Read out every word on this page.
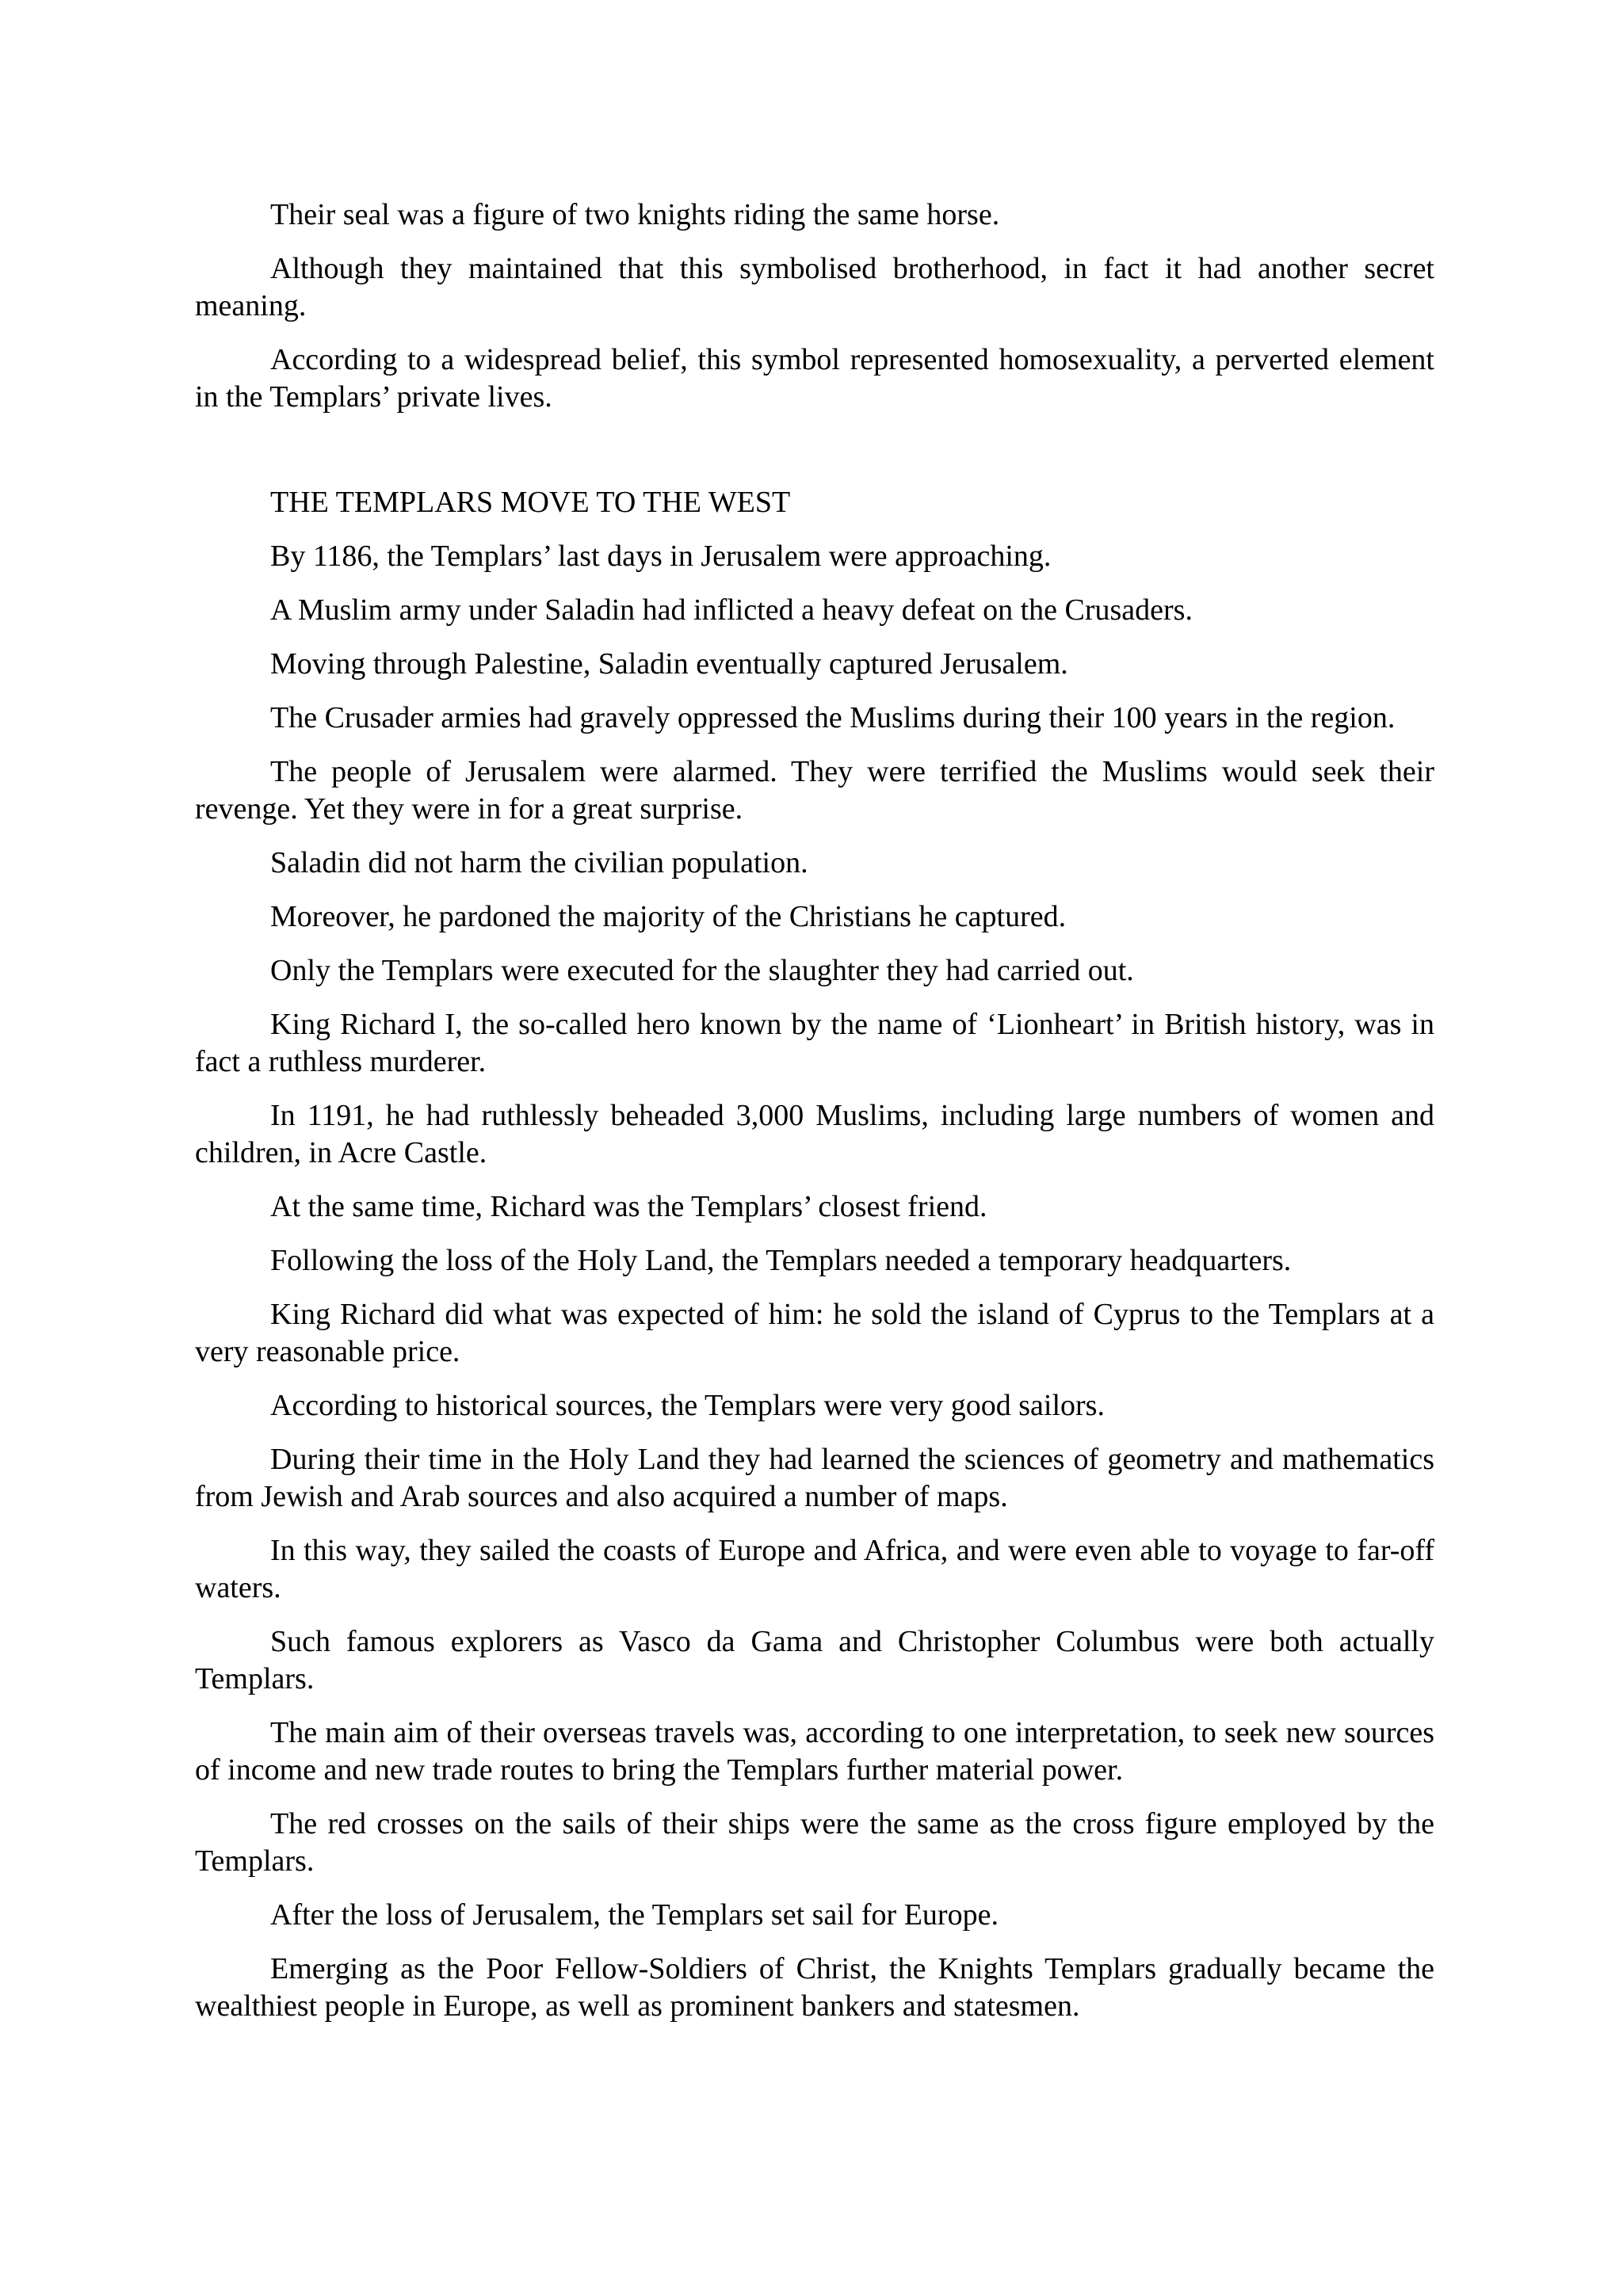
Their seal was a figure of two knights riding the same horse.

Although they maintained that this symbolised brotherhood, in fact it had another secret meaning.

According to a widespread belief, this symbol represented homosexuality, a perverted element in the Templars’ private lives.

THE TEMPLARS MOVE TO THE WEST

By 1186, the Templars’ last days in Jerusalem were approaching.

A Muslim army under Saladin had inflicted a heavy defeat on the Crusaders.

Moving through Palestine, Saladin eventually captured Jerusalem.

The Crusader armies had gravely oppressed the Muslims during their 100 years in the region.

The people of Jerusalem were alarmed. They were terrified the Muslims would seek their revenge. Yet they were in for a great surprise.

Saladin did not harm the civilian population.

Moreover, he pardoned the majority of the Christians he captured.

Only the Templars were executed for the slaughter they had carried out.

King Richard I, the so-called hero known by the name of ‘Lionheart’ in British history, was in fact a ruthless murderer.

In 1191, he had ruthlessly beheaded 3,000 Muslims, including large numbers of women and children, in Acre Castle.

At the same time, Richard was the Templars’ closest friend.

Following the loss of the Holy Land, the Templars needed a temporary headquarters.

King Richard did what was expected of him: he sold the island of Cyprus to the Templars at a very reasonable price.

According to historical sources, the Templars were very good sailors.

During their time in the Holy Land they had learned the sciences of geometry and mathematics from Jewish and Arab sources and also acquired a number of maps.

In this way, they sailed the coasts of Europe and Africa, and were even able to voyage to far-off waters.

Such famous explorers as Vasco da Gama and Christopher Columbus were both actually Templars.

The main aim of their overseas travels was, according to one interpretation, to seek new sources of income and new trade routes to bring the Templars further material power.

The red crosses on the sails of their ships were the same as the cross figure employed by the Templars.

After the loss of Jerusalem, the Templars set sail for Europe.

Emerging as the Poor Fellow-Soldiers of Christ, the Knights Templars gradually became the wealthiest people in Europe, as well as prominent bankers and statesmen.
